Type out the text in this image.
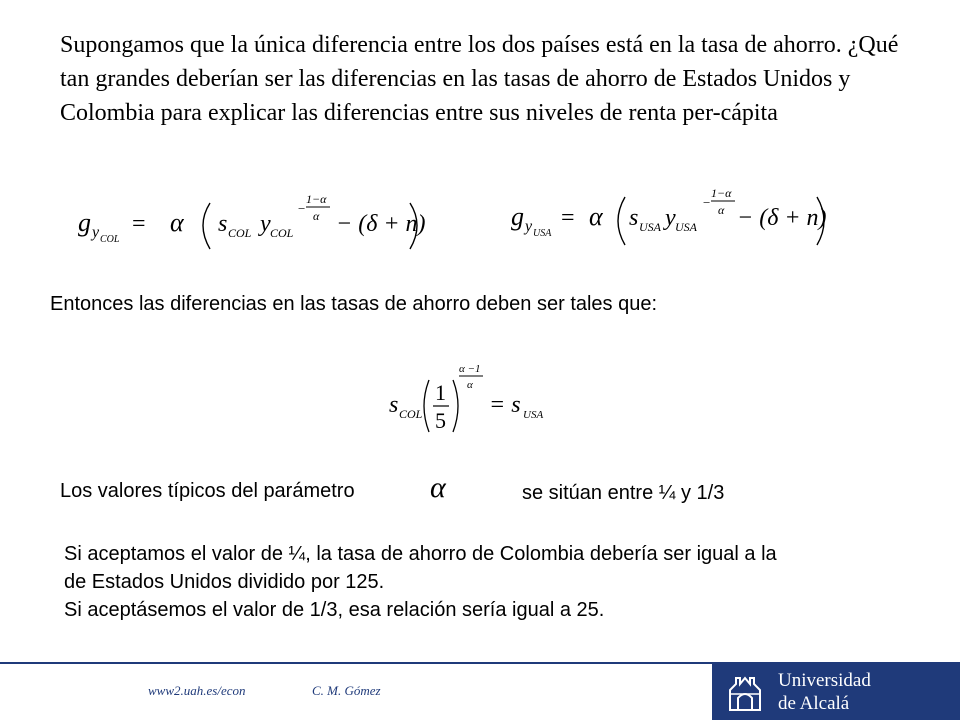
Supongamos que la única diferencia entre los dos países está en la tasa de ahorro. ¿Qué tan grandes deberían ser las diferencias en las tasas de ahorro de Estados Unidos y Colombia para explicar las diferencias entre sus niveles de renta per-cápita

g y COL
= α s COL y COL
−
1−α
α − (δ + n)	g y USA
= α s USA y USA
−
1−α
α − (δ + n)

Entonces las diferencias en las tasas de ahorro deben ser tales que:

s COL
1
5
α −1
α
= s USA
Los valores típicos del parámetro	α	se sitúan entre ¼ y 1/3
Si aceptamos el valor de ¼, la tasa de ahorro de Colombia debería ser igual a la
de Estados Unidos dividido por 125.
Si aceptásemos el valor de 1/3, esa relación sería igual a 25.
www2.uah.es/econ	C. M. Gómez	Universidad
de Alcalá
